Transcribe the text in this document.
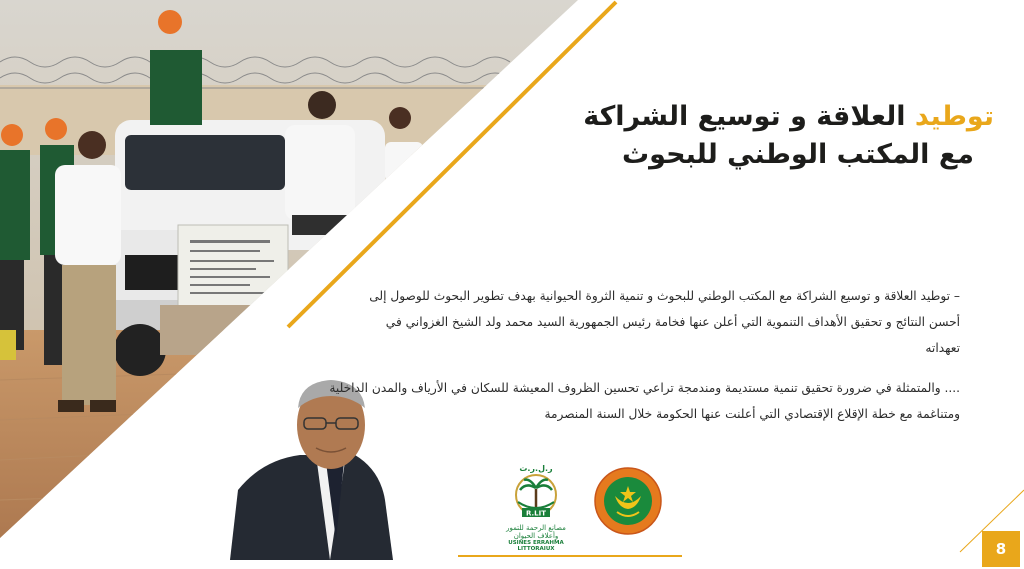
توطيد العلاقة و توسيع الشراكة
مع المكتب الوطني للبحوث
– توطيد العلاقة و توسيع الشراكة مع المكتب الوطني للبحوث و تنمية الثروة الحيوانية بهدف تطوير البحوث للوصول إلى أحسن النتائج و تحقيق الأهداف التنموية التي أعلن عنها فخامة رئيس الجمهورية السيد محمد ولد الشيخ الغزواني في تعهداته
.... والمتمثلة في ضرورة تحقيق تنمية مستديمة ومندمجة تراعي تحسين الظروف المعيشة للسكان في الأرياف والمدن الداخلية ومتناغمة مع خطة الإقلاع الإقتصادي التي أعلنت عنها الحكومة خلال السنة المنصرمة
ر.ل.ر.ت
R.LIT
مصانع الرحمة للتمور وأعلاف الحيوان
USINES ERRAHMA LITTORAIUX	8
